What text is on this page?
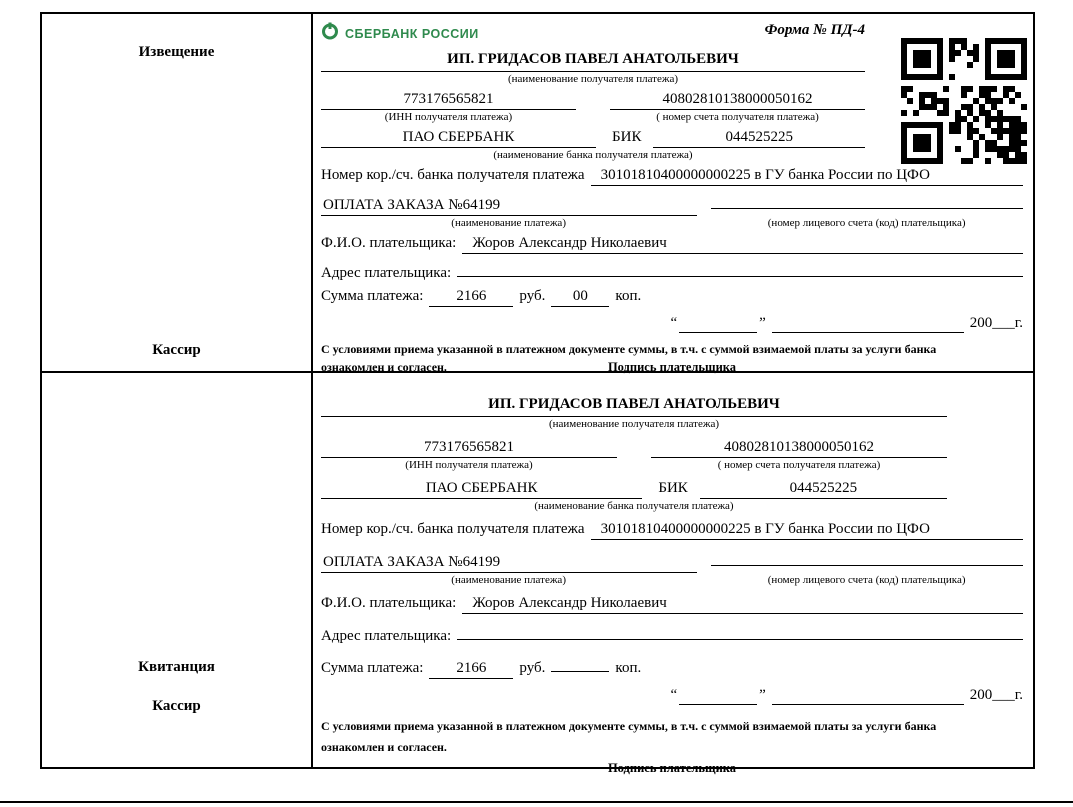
Извещение
Кассир
СБЕРБАНК РОССИИ	Форма № ПД-4
ИП. ГРИДАСОВ ПАВЕЛ АНАТОЛЬЕВИЧ
(наименование получателя платежа)
773176565821	40802810138000050162
(ИНН получателя платежа)	( номер счета получателя платежа)
ПАО СБЕРБАНК	БИК	044525225
(наименование банка получателя платежа)
Номер кор./сч. банка получателя платежа	30101810400000000225 в ГУ банка России по ЦФО
ОПЛАТА ЗАКАЗА №64199
(наименование платежа)	(номер лицевого счета (код) плательщика)
Ф.И.О. плательщика:	Жоров Александр Николаевич
Адрес плательщика:
Сумма платежа:	2166	руб.	00	коп.
“	”	200___г.
С условиями приема указанной в платежном документе суммы, в т.ч. с суммой взимаемой платы за услуги банка
ознакомлен и согласен.	Подпись плательщика
Квитанция
Кассир
ИП. ГРИДАСОВ ПАВЕЛ АНАТОЛЬЕВИЧ
(наименование получателя платежа)
773176565821	40802810138000050162
(ИНН получателя платежа)	( номер счета получателя платежа)
ПАО СБЕРБАНК	БИК	044525225
(наименование банка получателя платежа)
Номер кор./сч. банка получателя платежа	30101810400000000225 в ГУ банка России по ЦФО
ОПЛАТА ЗАКАЗА №64199
(наименование платежа)	(номер лицевого счета (код) плательщика)
Ф.И.О. плательщика:	Жоров Александр Николаевич
Адрес плательщика:
Сумма платежа:	2166	руб.	коп.
“	”	200___г.
С условиями приема указанной в платежном документе суммы, в т.ч. с суммой взимаемой платы за услуги банка
ознакомлен и согласен.
Подпись плательщика
